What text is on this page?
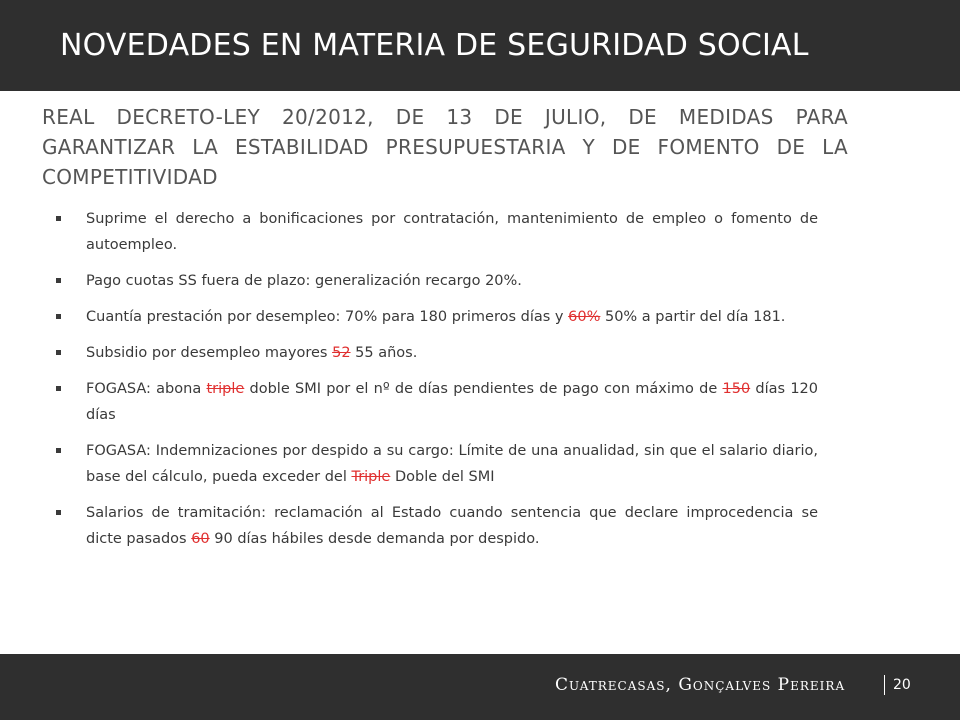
NOVEDADES EN MATERIA DE SEGURIDAD SOCIAL
REAL DECRETO-LEY 20/2012, DE 13 DE JULIO, DE MEDIDAS PARA GARANTIZAR LA ESTABILIDAD PRESUPUESTARIA Y DE FOMENTO DE LA COMPETITIVIDAD
Suprime el derecho a bonificaciones por contratación, mantenimiento de empleo o fomento de autoempleo.
Pago cuotas SS fuera de plazo: generalización recargo 20%.
Cuantía prestación por desempleo: 70% para 180 primeros días y 60% 50% a partir del día 181.
Subsidio por desempleo mayores 52 55 años.
FOGASA: abona triple doble SMI por el nº de días pendientes de pago con máximo de 150 días 120 días
FOGASA: Indemnizaciones por despido a su cargo: Límite de una anualidad, sin que el salario diario, base del cálculo, pueda exceder del Triple Doble del SMI
Salarios de tramitación: reclamación al Estado cuando sentencia que declare improcedencia se dicte pasados 60 90 días hábiles desde demanda por despido.
Cuatrecasas, Gonçalves Pereira	20
